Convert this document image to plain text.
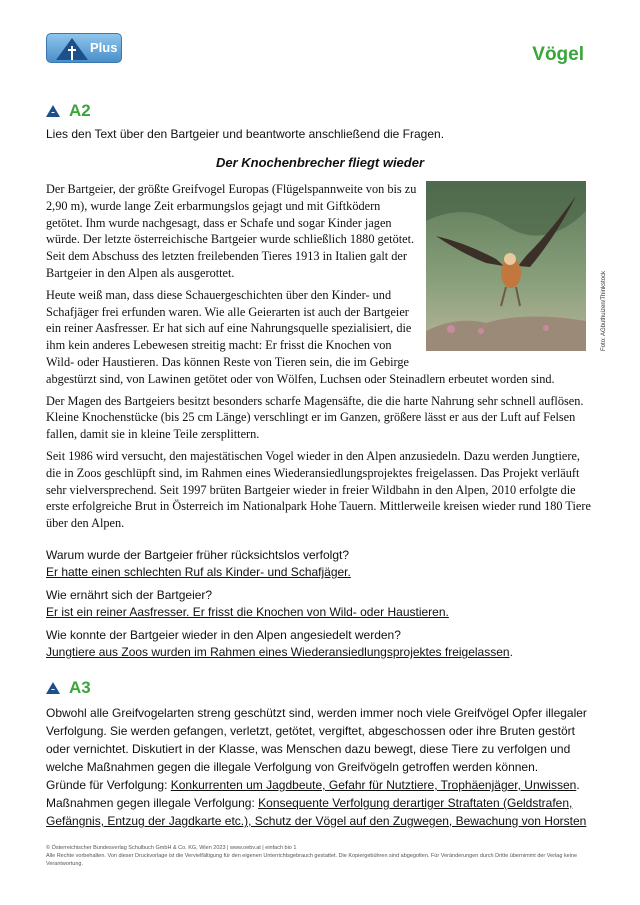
Plus	Vögel
A2
Lies den Text über den Bartgeier und beantworte anschließend die Fragen.
Der Knochenbrecher fliegt wieder
Foto: AGbuthuizen/Thinkstock

Der Bartgeier, der größte Greifvogel Europas (Flügelspannweite von bis zu 2,90 m), wurde lange Zeit erbarmungslos gejagt und mit Giftködern getötet. Ihm wurde nachgesagt, dass er Schafe und sogar Kinder jagen würde. Der letzte österreichische Bartgeier wurde schließlich 1880 getötet. Seit dem Abschuss des letzten freilebenden Tieres 1913 in Italien galt der Bartgeier in den Alpen als ausgerottet.

Heute weiß man, dass diese Schauergeschichten über den Kinder- und Schafjäger frei erfunden waren. Wie alle Geierarten ist auch der Bartgeier ein reiner Aasfresser. Er hat sich auf eine Nahrungsquelle spezialisiert, die ihm kein anderes Lebewesen streitig macht: Er frisst die Knochen von Wild- oder Haustieren. Das können Reste von Tieren sein, die im Gebirge abgestürzt sind, von Lawinen getötet oder von Wölfen, Luchsen oder Steinadlern erbeutet worden sind.

Der Magen des Bartgeiers besitzt besonders scharfe Magensäfte, die die harte Nahrung sehr schnell auflösen. Kleine Knochenstücke (bis 25 cm Länge) verschlingt er im Ganzen, größere lässt er aus der Luft auf Felsen fallen, damit sie in kleine Teile zersplittern.

Seit 1986 wird versucht, den majestätischen Vogel wieder in den Alpen anzusiedeln. Dazu werden Jungtiere, die in Zoos geschlüpft sind, im Rahmen eines Wiederansiedlungsprojektes freigelassen. Das Projekt verläuft sehr vielversprechend. Seit 1997 brüten Bartgeier wieder in freier Wildbahn in den Alpen, 2010 erfolgte die erste erfolgreiche Brut in Österreich im Nationalpark Hohe Tauern. Mittlerweile kreisen wieder rund 180 Tiere über den Alpen.

Warum wurde der Bartgeier früher rücksichtslos verfolgt?
Er hatte einen schlechten Ruf als Kinder- und Schafjäger.
Wie ernährt sich der Bartgeier?
Er ist ein reiner Aasfresser. Er frisst die Knochen von Wild- oder Haustieren.
Wie konnte der Bartgeier wieder in den Alpen angesiedelt werden?
Jungtiere aus Zoos wurden im Rahmen eines Wiederansiedlungsprojektes freigelassen.
A3

Obwohl alle Greifvogelarten streng geschützt sind, werden immer noch viele Greifvögel Opfer illegaler Verfolgung. Sie werden gefangen, verletzt, getötet, vergiftet, abgeschossen oder ihre Bruten gestört oder vernichtet. Diskutiert in der Klasse, was Menschen dazu bewegt, diese Tiere zu verfolgen und welche Maßnahmen gegen die illegale Verfolgung von Greifvögeln getroffen werden können.

Gründe für Verfolgung: Konkurrenten um Jagdbeute, Gefahr für Nutztiere, Trophäenjäger, Unwissen.

Maßnahmen gegen illegale Verfolgung: Konsequente Verfolgung derartiger Straftaten (Geldstrafen, Gefängnis, Entzug der Jagdkarte etc.), Schutz der Vögel auf den Zugwegen, Bewachung von Horsten

© Österreichischer Bundesverlag Schulbuch GmbH & Co. KG, Wien 2023 | www.oebv.at | einfach bio 1
Alle Rechte vorbehalten. Von dieser Druckvorlage ist die Vervielfältigung für den eigenen Unterrichtsgebrauch gestattet. Die Kopiergebühren sind abgegolten. Für Veränderungen durch Dritte übernimmt der Verlag keine Verantwortung.
